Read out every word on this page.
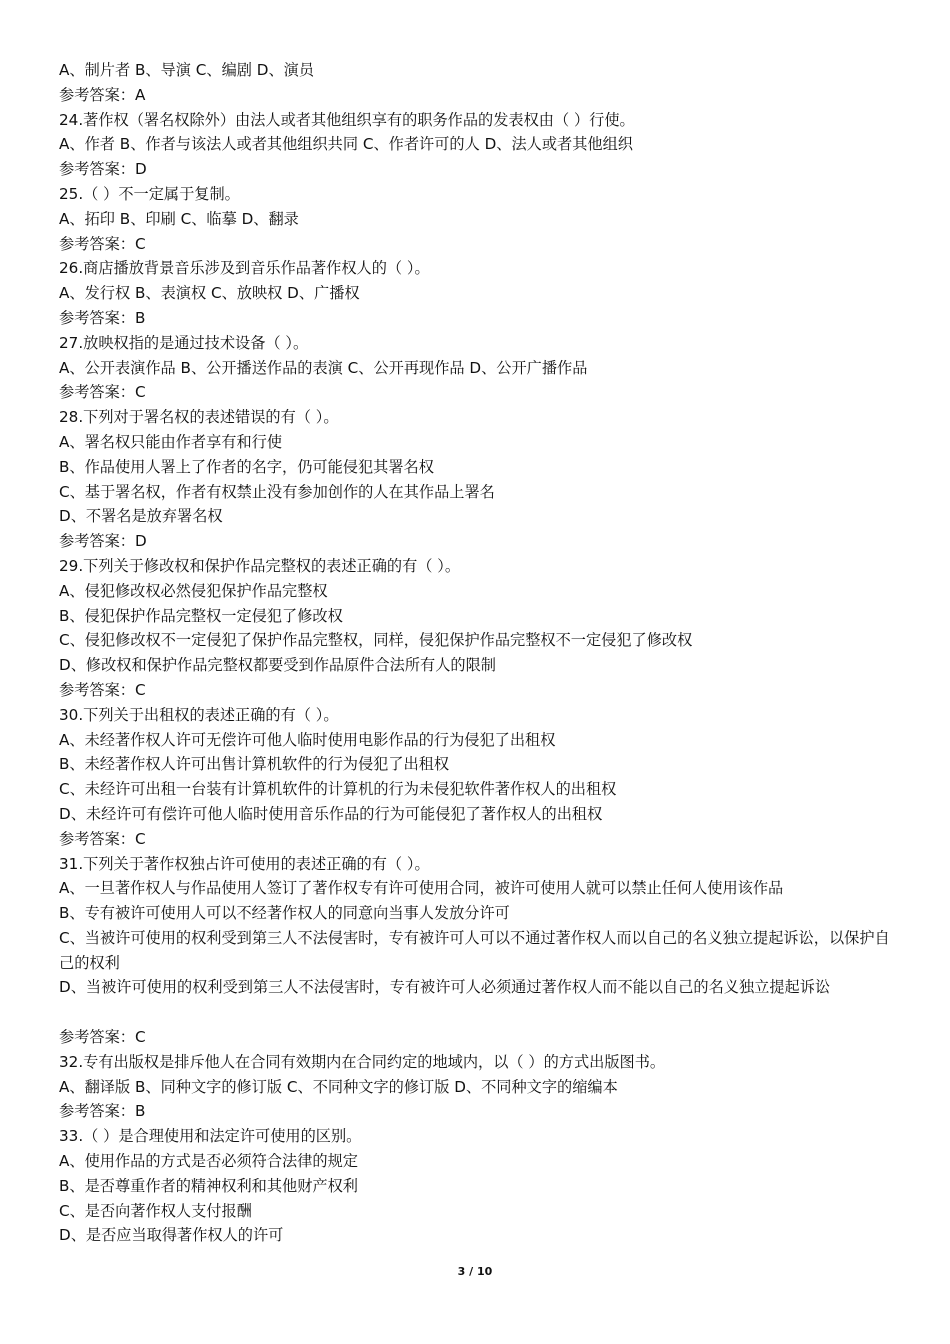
A、制片者 B、导演 C、编剧 D、演员
参考答案：A
24.著作权（署名权除外）由法人或者其他组织享有的职务作品的发表权由（ ）行使。
A、作者 B、作者与该法人或者其他组织共同 C、作者许可的人 D、法人或者其他组织
参考答案：D
25.（ ）不一定属于复制。
A、拓印 B、印刷 C、临摹 D、翻录
参考答案：C
26.商店播放背景音乐涉及到音乐作品著作权人的（ ）。
A、发行权 B、表演权 C、放映权 D、广播权
参考答案：B
27.放映权指的是通过技术设备（ ）。
A、公开表演作品 B、公开播送作品的表演 C、公开再现作品 D、公开广播作品
参考答案：C
28.下列对于署名权的表述错误的有（ ）。
A、署名权只能由作者享有和行使
B、作品使用人署上了作者的名字，仍可能侵犯其署名权
C、基于署名权，作者有权禁止没有参加创作的人在其作品上署名
D、不署名是放弃署名权
参考答案：D
29.下列关于修改权和保护作品完整权的表述正确的有（ ）。
A、侵犯修改权必然侵犯保护作品完整权
B、侵犯保护作品完整权一定侵犯了修改权
C、侵犯修改权不一定侵犯了保护作品完整权，同样，侵犯保护作品完整权不一定侵犯了修改权
D、修改权和保护作品完整权都要受到作品原件合法所有人的限制
参考答案：C
30.下列关于出租权的表述正确的有（ ）。
A、未经著作权人许可无偿许可他人临时使用电影作品的行为侵犯了出租权
B、未经著作权人许可出售计算机软件的行为侵犯了出租权
C、未经许可出租一台装有计算机软件的计算机的行为未侵犯软件著作权人的出租权
D、未经许可有偿许可他人临时使用音乐作品的行为可能侵犯了著作权人的出租权
参考答案：C
31.下列关于著作权独占许可使用的表述正确的有（ ）。
A、一旦著作权人与作品使用人签订了著作权专有许可使用合同，被许可使用人就可以禁止任何人使用该作品
B、专有被许可使用人可以不经著作权人的同意向当事人发放分许可
C、当被许可使用的权利受到第三人不法侵害时，专有被许可人可以不通过著作权人而以自己的名义独立提起诉讼，以保护自己的权利
D、当被许可使用的权利受到第三人不法侵害时，专有被许可人必须通过著作权人而不能以自己的名义独立提起诉讼
参考答案：C
32.专有出版权是排斥他人在合同有效期内在合同约定的地域内，以（ ）的方式出版图书。
A、翻译版 B、同种文字的修订版 C、不同种文字的修订版 D、不同种文字的缩编本
参考答案：B
33.（ ）是合理使用和法定许可使用的区别。
A、使用作品的方式是否必须符合法律的规定
B、是否尊重作者的精神权利和其他财产权利
C、是否向著作权人支付报酬
D、是否应当取得著作权人的许可
3 / 10
